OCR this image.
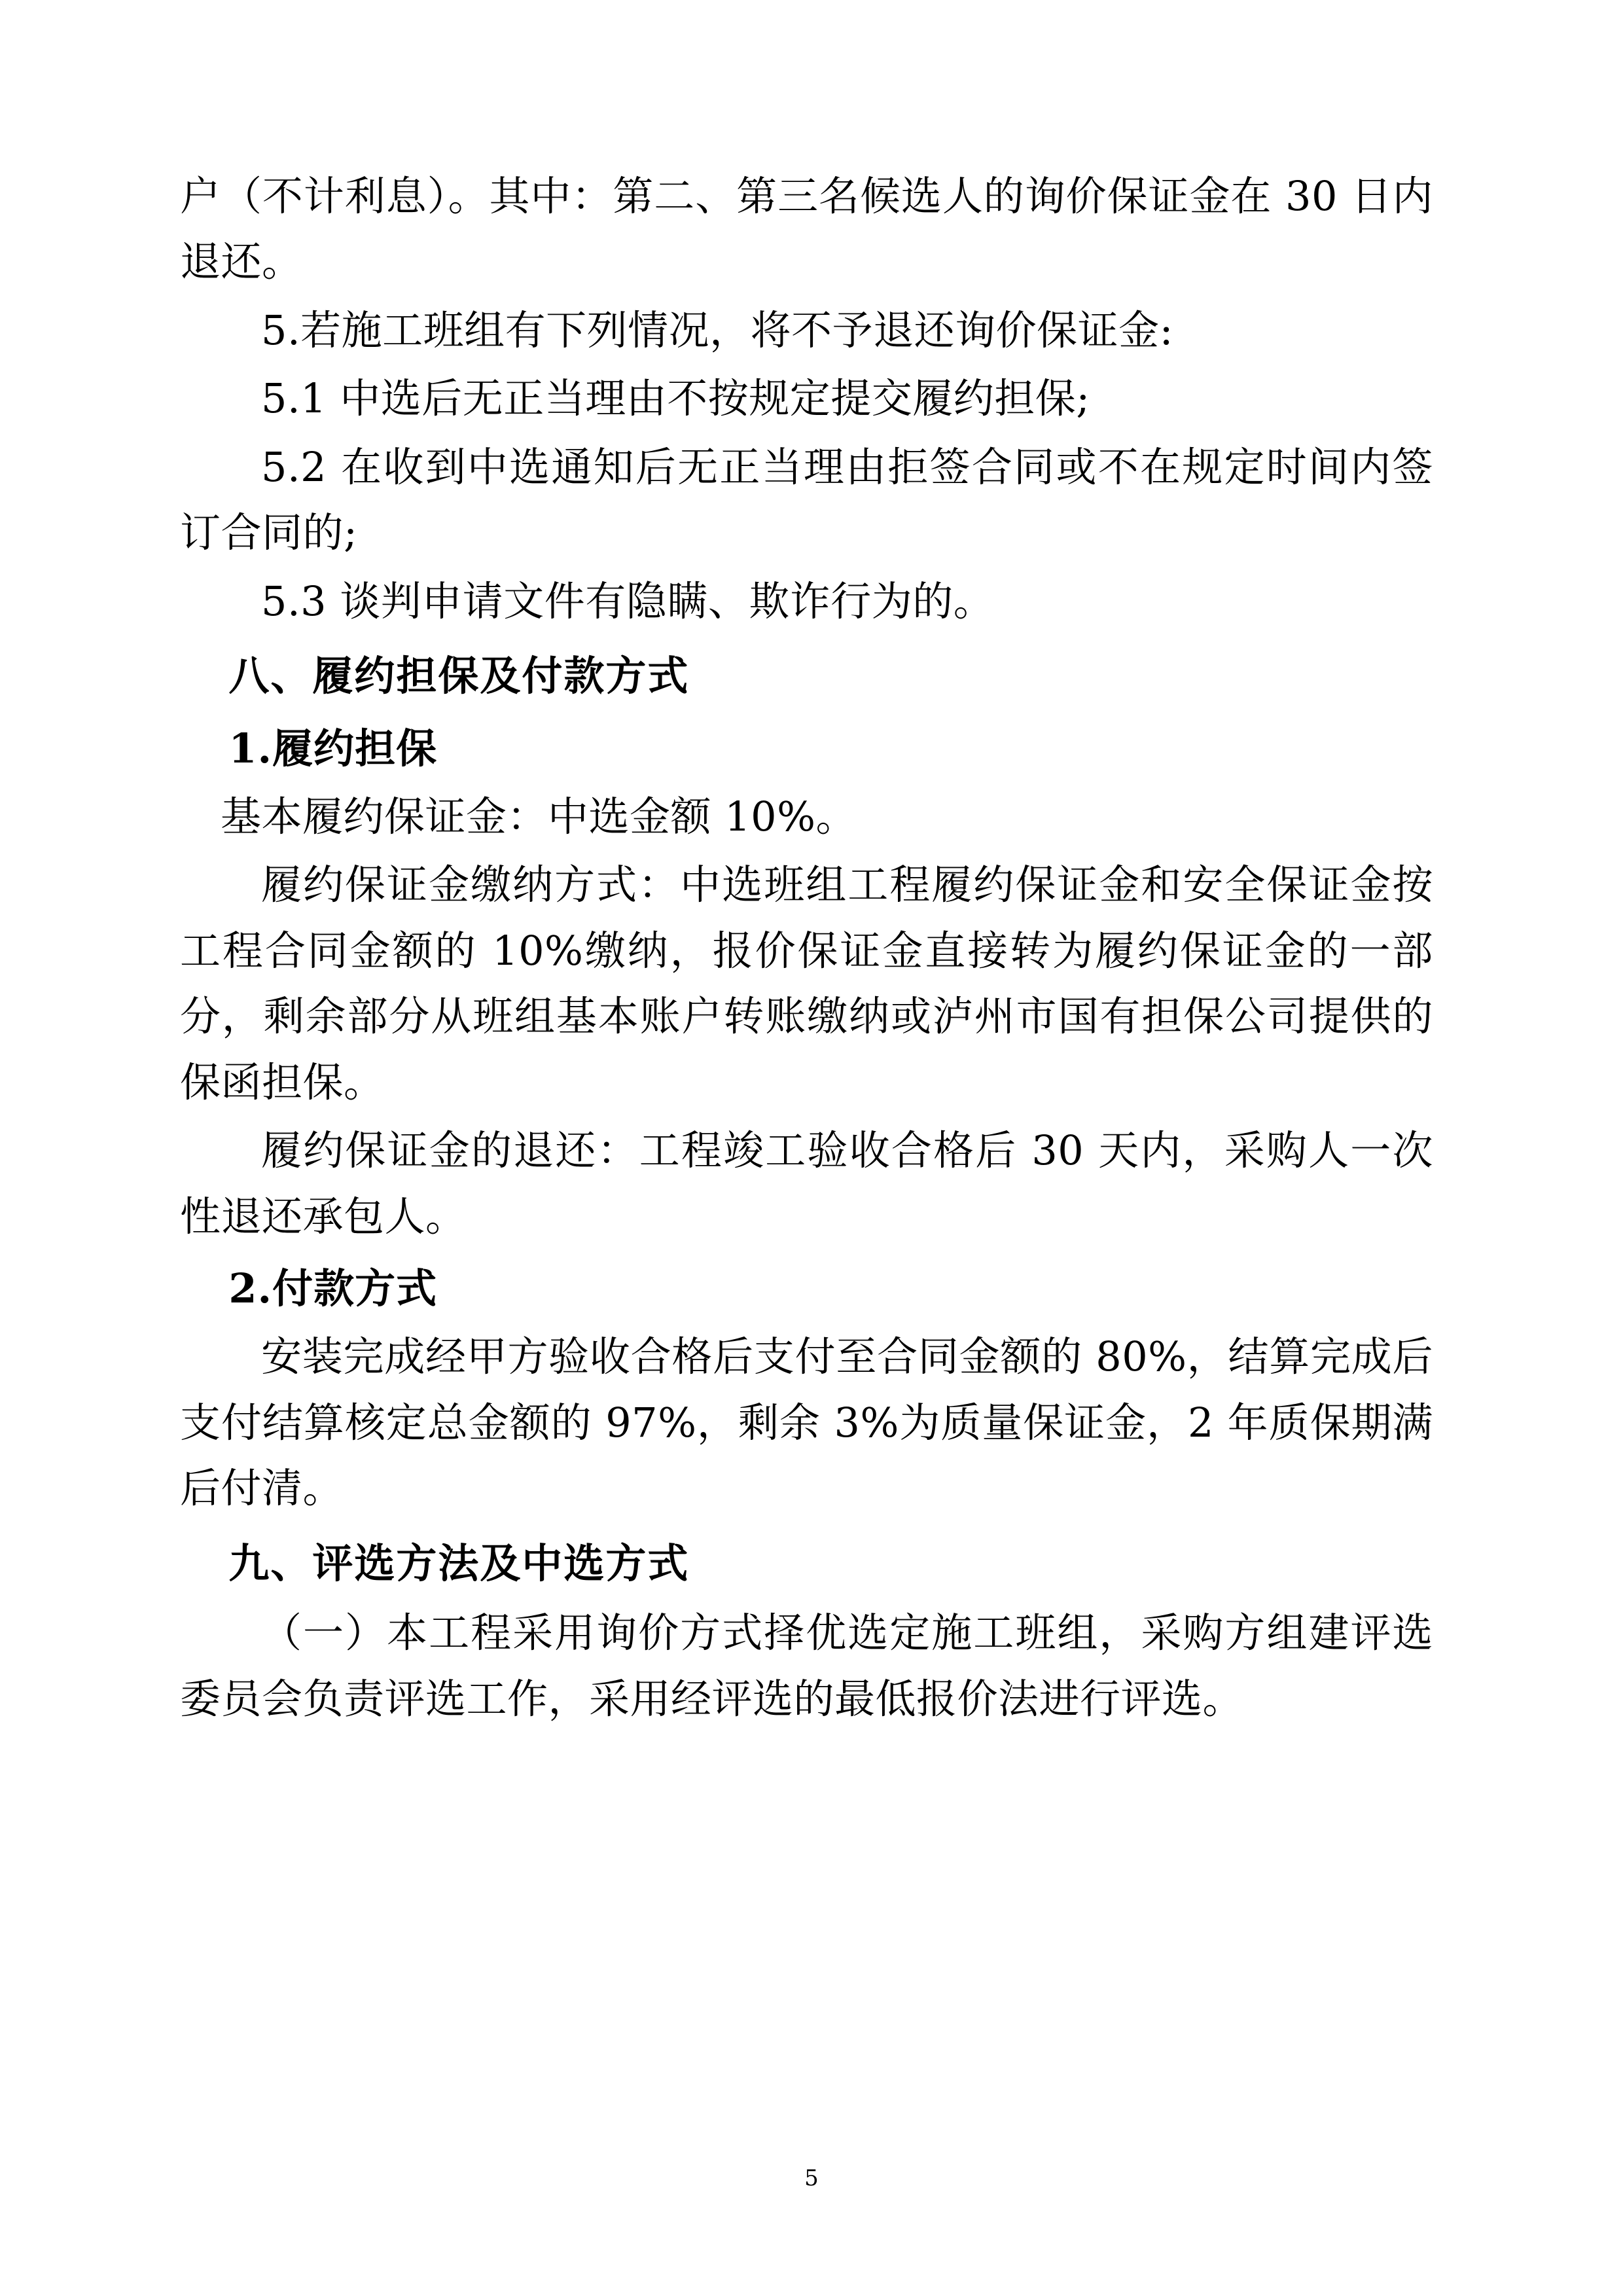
户（不计利息）。其中：第二、第三名候选人的询价保证金在 30 日内退还。

5.若施工班组有下列情况，将不予退还询价保证金:

5.1 中选后无正当理由不按规定提交履约担保;

5.2 在收到中选通知后无正当理由拒签合同或不在规定时间内签订合同的;

5.3 谈判申请文件有隐瞒、欺诈行为的。

八、履约担保及付款方式

1.履约担保

基本履约保证金：中选金额 10%。

履约保证金缴纳方式：中选班组工程履约保证金和安全保证金按工程合同金额的 10%缴纳，报价保证金直接转为履约保证金的一部分，剩余部分从班组基本账户转账缴纳或泸州市国有担保公司提供的保函担保。

履约保证金的退还：工程竣工验收合格后 30 天内，采购人一次性退还承包人。

2.付款方式

安装完成经甲方验收合格后支付至合同金额的 80%，结算完成后支付结算核定总金额的 97%，剩余 3%为质量保证金，2 年质保期满后付清。

九、评选方法及中选方式

（一）本工程采用询价方式择优选定施工班组，采购方组建评选委员会负责评选工作，采用经评选的最低报价法进行评选。

5
